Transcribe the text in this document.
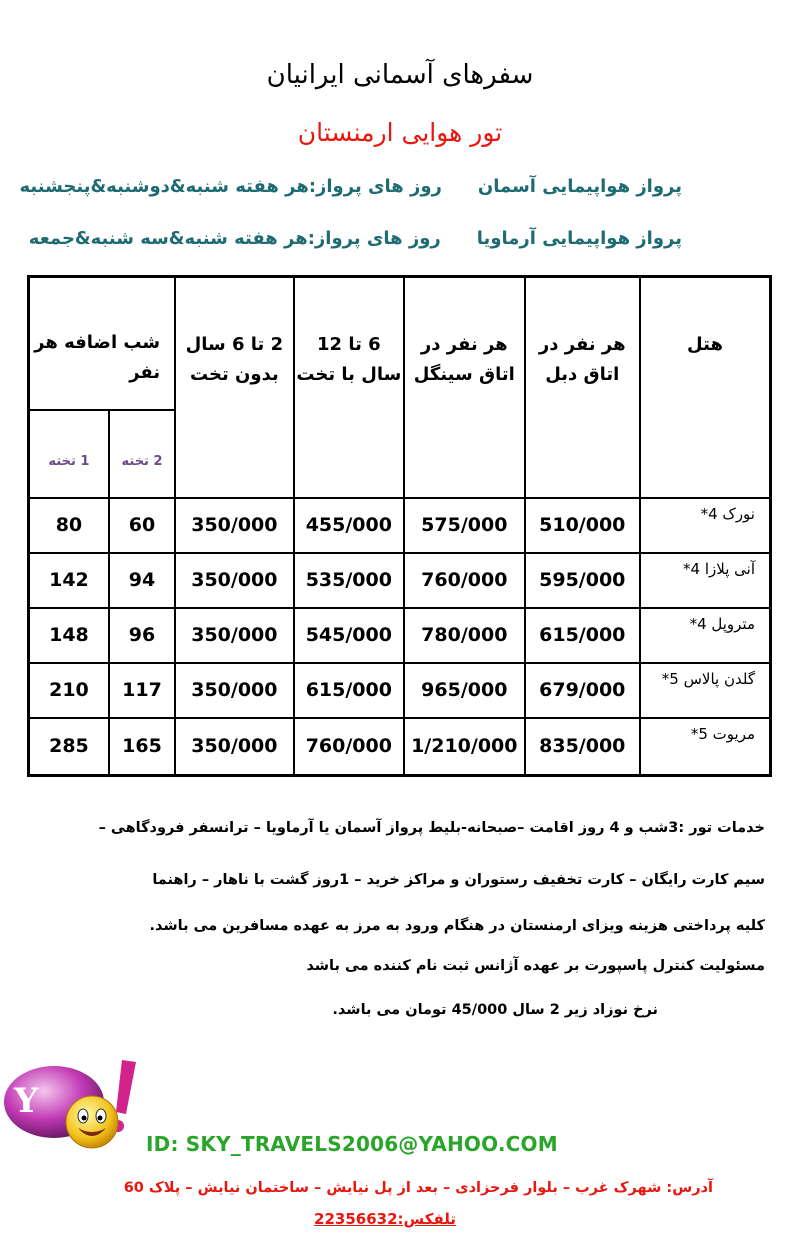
سفرهای آسمانی ایرانیان
تور هوایی ارمنستان
پرواز هواپیمایی آسمانروز های پرواز:هر هفته شنبه&دوشنبه&پنجشنبه
پرواز هواپیمایی آرماویاروز های پرواز:هر هفته شنبه&سه شنبه&جمعه
هتل	هر نفر در اتاق دبل	هر نفر در اتاق سینگل	6 تا 12 سال با تخت	2 تا 6 سال بدون تخت	شب اضافه هر نفر	
					2 تخته	1 تخته
نورک 4*	510/000	575/000	455/000	350/000	60	80
آنی پلازا 4*	595/000	760/000	535/000	350/000	94	142
متروپل 4*	615/000	780/000	545/000	350/000	96	148
گلدن پالاس 5*	679/000	965/000	615/000	350/000	117	210
مریوت 5*	835/000	1/210/000	760/000	350/000	165	285
خدمات تور :3شب و 4 روز اقامت –صبحانه-بلیط پرواز آسمان یا آرماویا – ترانسفر فرودگاهی –
سیم کارت رایگان – کارت تخفیف رستوران و مراکز خرید – 1روز گشت با ناهار – راهنما
کلیه پرداختی هزینه ویزای ارمنستان در هنگام ورود به مرز به عهده مسافرین می باشد.
مسئولیت کنترل پاسپورت بر عهده آژانس ثبت نام کننده می باشد
نرخ نوزاد زیر 2 سال 45/000 تومان می باشد.
Y
ID: SKY_TRAVELS2006@YAHOO.COM
آدرس: شهرک غرب – بلوار فرحزادی – بعد از پل نیایش – ساختمان نیایش – پلاک 60
تلفکس:22356632
